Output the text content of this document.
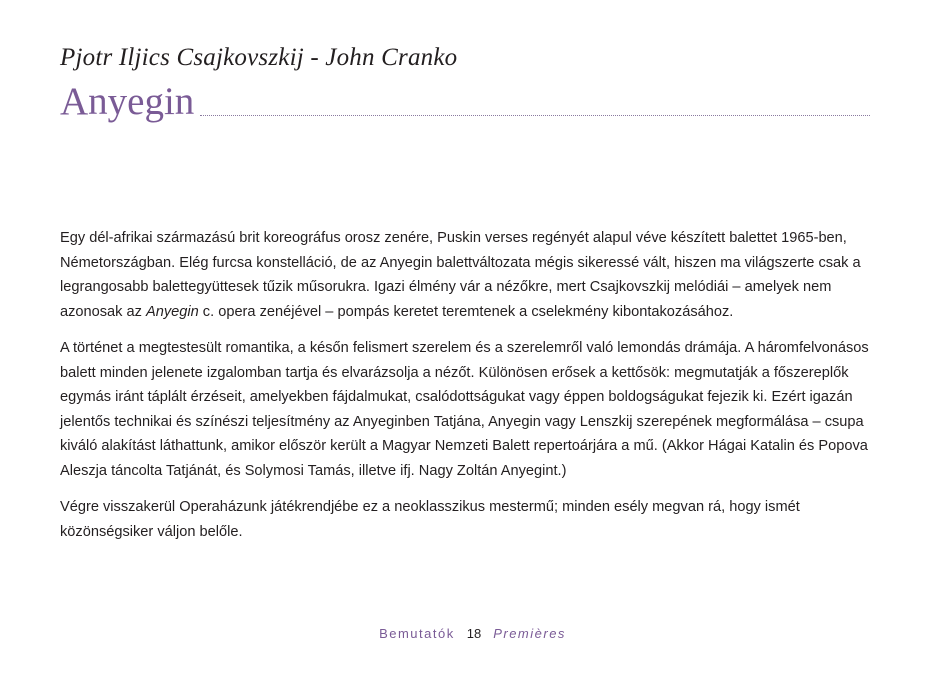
Pjotr Iljics Csajkovszkij - John Cranko
Anyegin

Egy dél-afrikai származású brit koreográfus orosz zenére, Puskin verses regényét alapul véve készített balettet 1965-ben, Németországban. Elég furcsa konstelláció, de az Anyegin balettváltozata mégis sikeressé vált, hiszen ma világszerte csak a legrangosabb balettegyüttesek tűzik műsorukra. Igazi élmény vár a nézőkre, mert Csajkovszkij melódiái – amelyek nem azonosak az Anyegin c. opera zenéjével – pompás keretet teremtenek a cselekmény kibontakozásához.

A történet a megtestesült romantika, a későn felismert szerelem és a szerelemről való lemondás drámája. A háromfelvonásos balett minden jelenete izgalomban tartja és elvarázsolja a nézőt. Különösen erősek a kettősök: megmutatják a főszereplők egymás iránt táplált érzéseit, amelyekben fájdalmukat, csalódottságukat vagy éppen boldogságukat fejezik ki. Ezért igazán jelentős technikai és színészi teljesítmény az Anyeginben Tatjána, Anyegin vagy Lenszkij szerepének megformálása – csupa kiváló alakítást láthattunk, amikor először került a Magyar Nemzeti Balett repertoárjára a mű. (Akkor Hágai Katalin és Popova Aleszja táncolta Tatjánát, és Solymosi Tamás, illetve ifj. Nagy Zoltán Anyegint.)

Végre visszakerül Operaházunk játékrendjébe ez a neoklasszikus mestermű; minden esély megvan rá, hogy ismét közönségsiker váljon belőle.

Bemutatók 18 Premières
